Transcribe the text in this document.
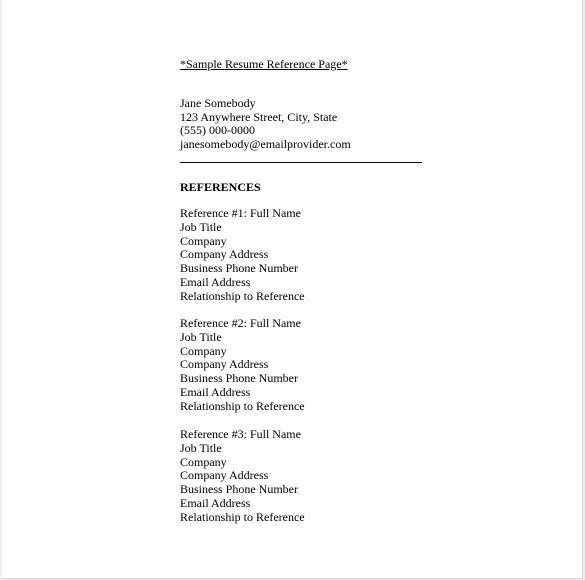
*Sample Resume Reference Page*
Jane Somebody
123 Anywhere Street, City, State
(555) 000-0000
janesomebody@emailprovider.com
REFERENCES
Reference #1: Full Name
Job Title
Company
Company Address
Business Phone Number
Email Address
Relationship to Reference
Reference #2: Full Name
Job Title
Company
Company Address
Business Phone Number
Email Address
Relationship to Reference
Reference #3: Full Name
Job Title
Company
Company Address
Business Phone Number
Email Address
Relationship to Reference
